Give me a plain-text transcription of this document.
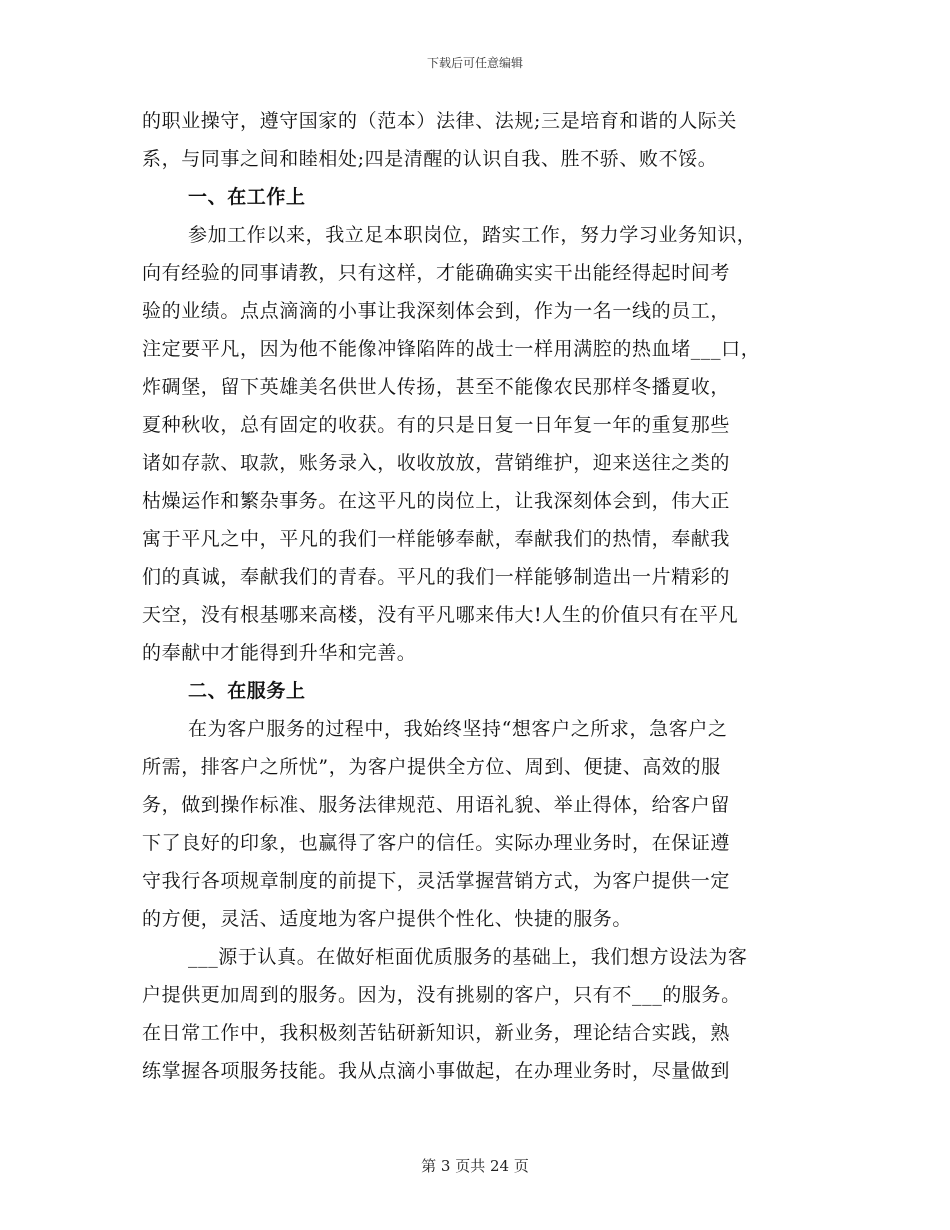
下载后可任意编辑
的职业操守，遵守国家的（范本）法律、法规;三是培育和谐的人际关
系，与同事之间和睦相处;四是清醒的认识自我、胜不骄、败不馁。
一、在工作上
参加工作以来，我立足本职岗位，踏实工作，努力学习业务知识，
向有经验的同事请教，只有这样，才能确确实实干出能经得起时间考
验的业绩。点点滴滴的小事让我深刻体会到，作为一名一线的员工，
注定要平凡，因为他不能像冲锋陷阵的战士一样用满腔的热血堵___口，
炸碉堡，留下英雄美名供世人传扬，甚至不能像农民那样冬播夏收，
夏种秋收，总有固定的收获。有的只是日复一日年复一年的重复那些
诸如存款、取款，账务录入，收收放放，营销维护，迎来送往之类的
枯燥运作和繁杂事务。在这平凡的岗位上，让我深刻体会到，伟大正
寓于平凡之中，平凡的我们一样能够奉献，奉献我们的热情，奉献我
们的真诚，奉献我们的青春。平凡的我们一样能够制造出一片精彩的
天空，没有根基哪来高楼，没有平凡哪来伟大!人生的价值只有在平凡
的奉献中才能得到升华和完善。
二、在服务上
在为客户服务的过程中，我始终坚持“想客户之所求，急客户之
所需，排客户之所忧”，为客户提供全方位、周到、便捷、高效的服
务，做到操作标准、服务法律规范、用语礼貌、举止得体，给客户留
下了良好的印象，也赢得了客户的信任。实际办理业务时，在保证遵
守我行各项规章制度的前提下，灵活掌握营销方式，为客户提供一定
的方便，灵活、适度地为客户提供个性化、快捷的服务。
___源于认真。在做好柜面优质服务的基础上，我们想方设法为客
户提供更加周到的服务。因为，没有挑剔的客户，只有不___的服务。
在日常工作中，我积极刻苦钻研新知识，新业务，理论结合实践，熟
练掌握各项服务技能。我从点滴小事做起，在办理业务时，尽量做到
第 3 页共 24 页
